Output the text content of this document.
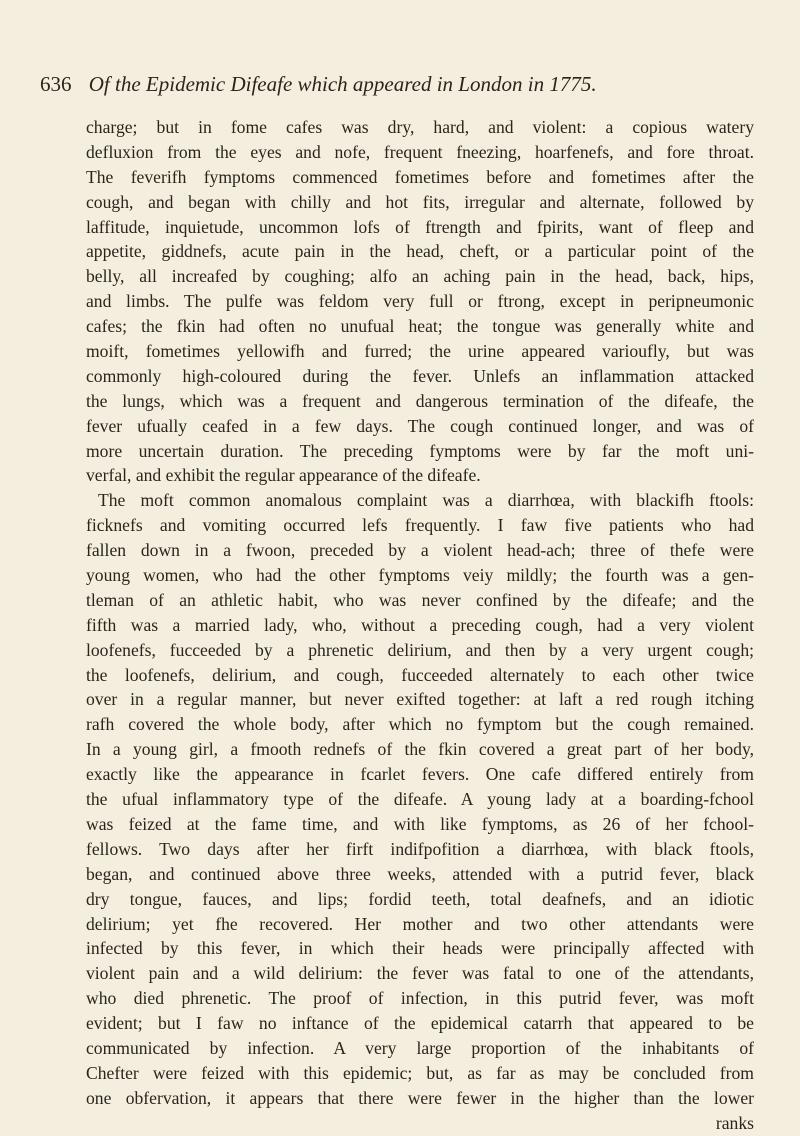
636 Of the Epidemic Difeafe which appeared in London in 1775.
charge; but in fome cafes was dry, hard, and violent: a copious watery
defluxion from the eyes and nofe, frequent fneezing, hoarfenefs, and fore throat.
The feverifh fymptoms commenced fometimes before and fometimes after the
cough, and began with chilly and hot fits, irregular and alternate, followed by
laffitude, inquietude, uncommon lofs of ftrength and fpirits, want of fleep and
appetite, giddnefs, acute pain in the head, cheft, or a particular point of the
belly, all increafed by coughing; alfo an aching pain in the head, back, hips,
and limbs. The pulfe was feldom very full or ftrong, except in peripneumonic
cafes; the fkin had often no unufual heat; the tongue was generally white and
moift, fometimes yellowifh and furred; the urine appeared varioufly, but was
commonly high-coloured during the fever. Unlefs an inflammation attacked
the lungs, which was a frequent and dangerous termination of the difeafe, the
fever ufually ceafed in a few days. The cough continued longer, and was of
more uncertain duration. The preceding fymptoms were by far the moft uni-
verfal, and exhibit the regular appearance of the difeafe.
The moft common anomalous complaint was a diarrhœa, with blackifh ftools:
ficknefs and vomiting occurred lefs frequently. I faw five patients who had
fallen down in a fwoon, preceded by a violent head-ach; three of thefe were
young women, who had the other fymptoms veiy mildly; the fourth was a gen-
tleman of an athletic habit, who was never confined by the difeafe; and the
fifth was a married lady, who, without a preceding cough, had a very violent
loofenefs, fucceeded by a phrenetic delirium, and then by a very urgent cough;
the loofenefs, delirium, and cough, fucceeded alternately to each other twice
over in a regular manner, but never exifted together: at laft a red rough itching
rafh covered the whole body, after which no fymptom but the cough remained.
In a young girl, a fmooth rednefs of the fkin covered a great part of her body,
exactly like the appearance in fcarlet fevers. One cafe differed entirely from
the ufual inflammatory type of the difeafe. A young lady at a boarding-fchool
was feized at the fame time, and with like fymptoms, as 26 of her fchool-
fellows. Two days after her firft indifpofition a diarrhœa, with black ftools,
began, and continued above three weeks, attended with a putrid fever, black
dry tongue, fauces, and lips; fordid teeth, total deafnefs, and an idiotic
delirium; yet fhe recovered. Her mother and two other attendants were
infected by this fever, in which their heads were principally affected with
violent pain and a wild delirium: the fever was fatal to one of the attendants,
who died phrenetic. The proof of infection, in this putrid fever, was moft
evident; but I faw no inftance of the epidemical catarrh that appeared to be
communicated by infection. A very large proportion of the inhabitants of
Chefter were feized with this epidemic; but, as far as may be concluded from
one obfervation, it appears that there were fewer in the higher than the lower
ranks
